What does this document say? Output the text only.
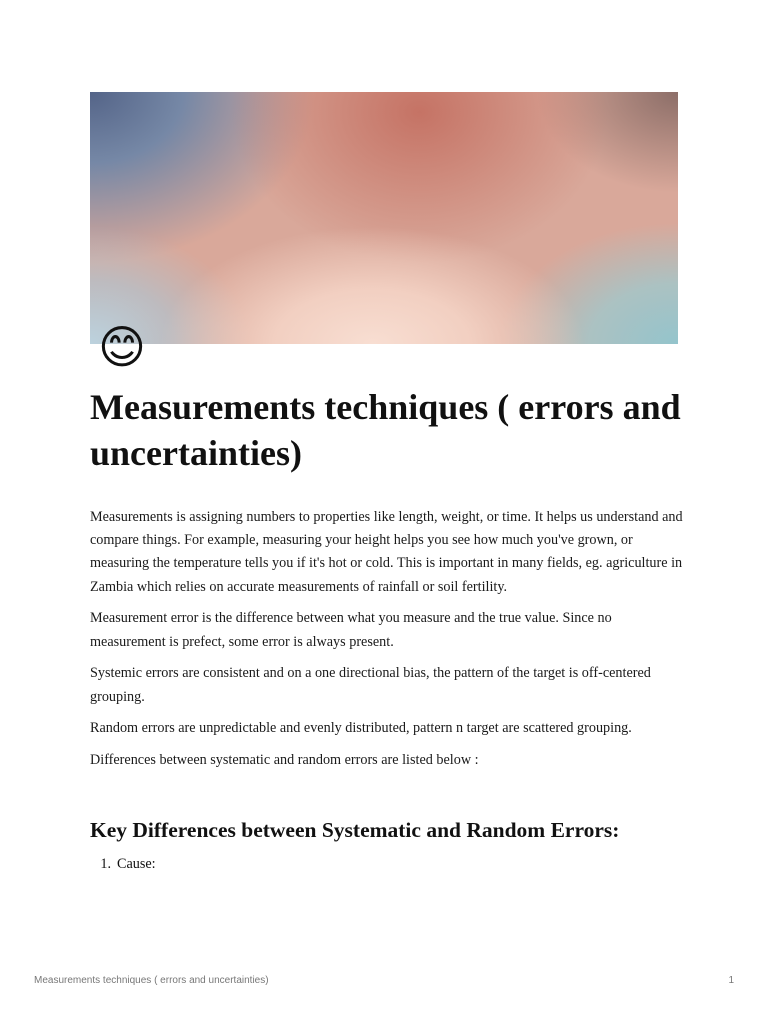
😊
Measurements techniques ( errors and uncertainties)

Measurements is assigning numbers to properties like length, weight, or time. It helps us understand and compare things. For example, measuring your height helps you see how much you've grown, or measuring the temperature tells you if it's hot or cold. This is important in many fields, eg. agriculture in Zambia which relies on accurate measurements of rainfall or soil fertility.

Measurement error is the difference between what you measure and the true value. Since no measurement is prefect, some error is always present.

Systemic errors are consistent and on a one directional bias, the pattern of the target is off-centered grouping.

Random errors are unpredictable and evenly distributed, pattern n target are scattered grouping.

Differences between systematic and random errors are listed below :

Key Differences between Systematic and Random Errors:
1. Cause:
Measurements techniques ( errors and uncertainties)	1
